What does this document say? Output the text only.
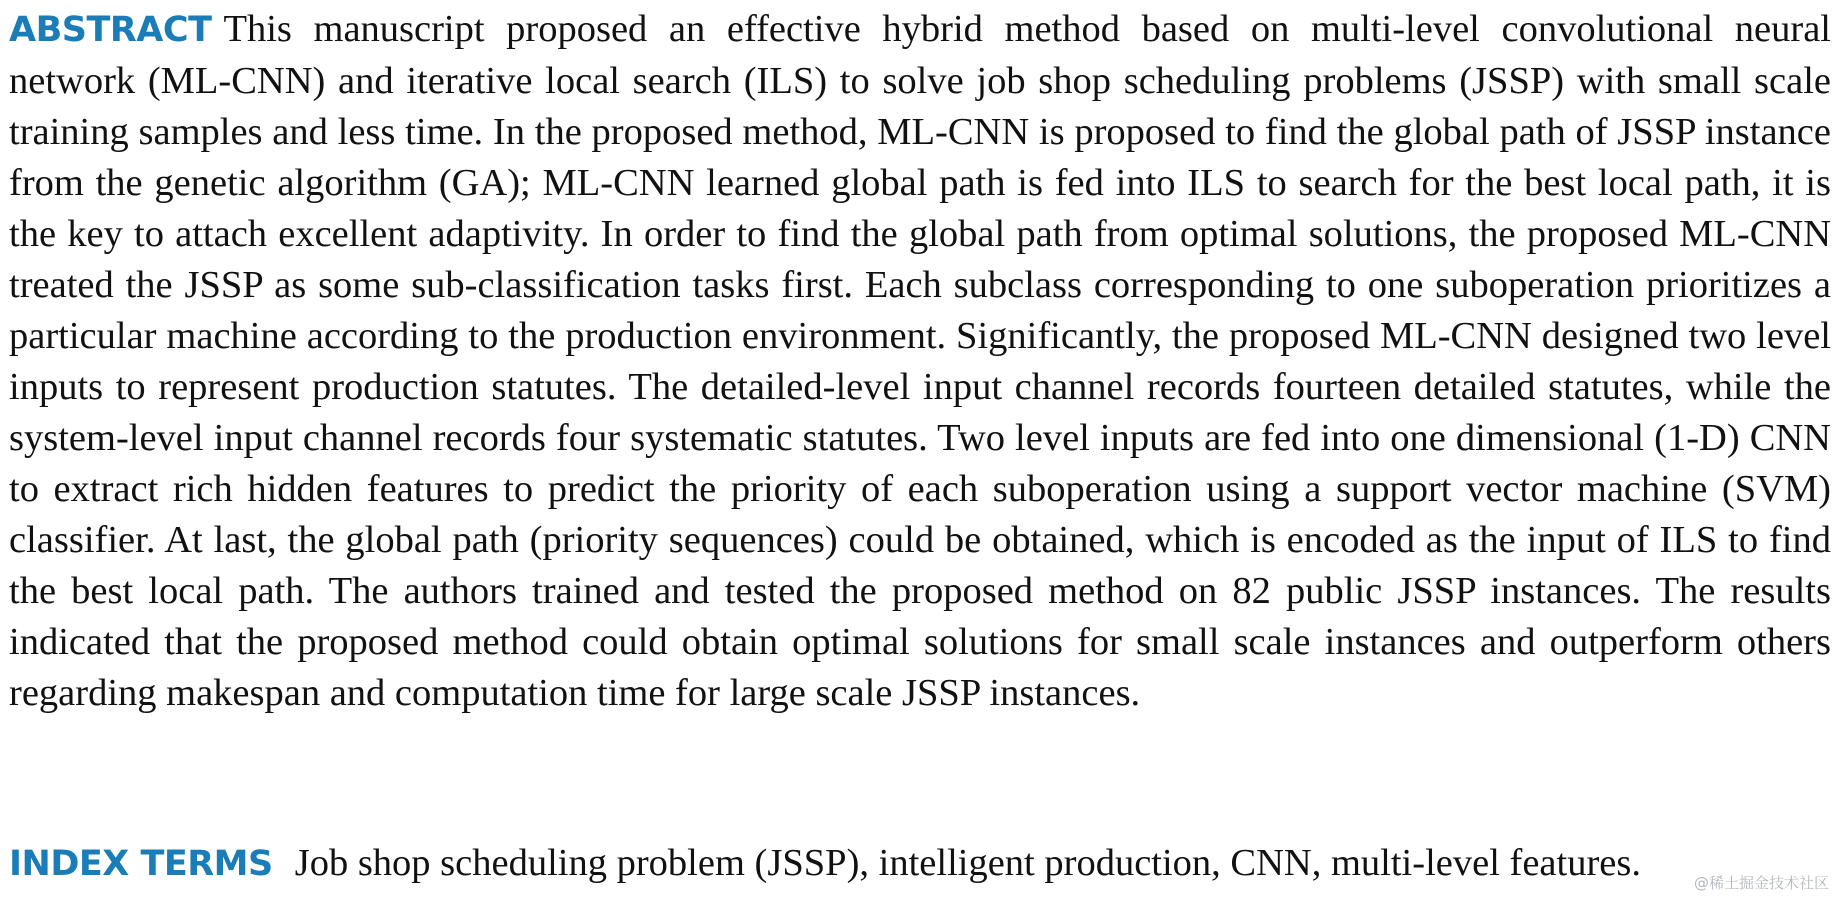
ABSTRACT This manuscript proposed an effective hybrid method based on multi-level convolutional neural network (ML-CNN) and iterative local search (ILS) to solve job shop scheduling problems (JSSP) with small scale training samples and less time. In the proposed method, ML-CNN is proposed to find the global path of JSSP instance from the genetic algorithm (GA); ML-CNN learned global path is fed into ILS to search for the best local path, it is the key to attach excellent adaptivity. In order to find the global path from optimal solutions, the proposed ML-CNN treated the JSSP as some sub-classification tasks first. Each subclass corresponding to one suboperation prioritizes a particular machine according to the production environment. Significantly, the proposed ML-CNN designed two level inputs to represent production statutes. The detailed-level input channel records fourteen detailed statutes, while the system-level input channel records four systematic statutes. Two level inputs are fed into one dimensional (1-D) CNN to extract rich hidden features to predict the priority of each suboperation using a support vector machine (SVM) classifier. At last, the global path (priority sequences) could be obtained, which is encoded as the input of ILS to find the best local path. The authors trained and tested the proposed method on 82 public JSSP instances. The results indicated that the proposed method could obtain optimal solutions for small scale instances and outperform others regarding makespan and computation time for large scale JSSP instances.

INDEX TERMS Job shop scheduling problem (JSSP), intelligent production, CNN, multi-level features.	@稀土掘金技术社区
